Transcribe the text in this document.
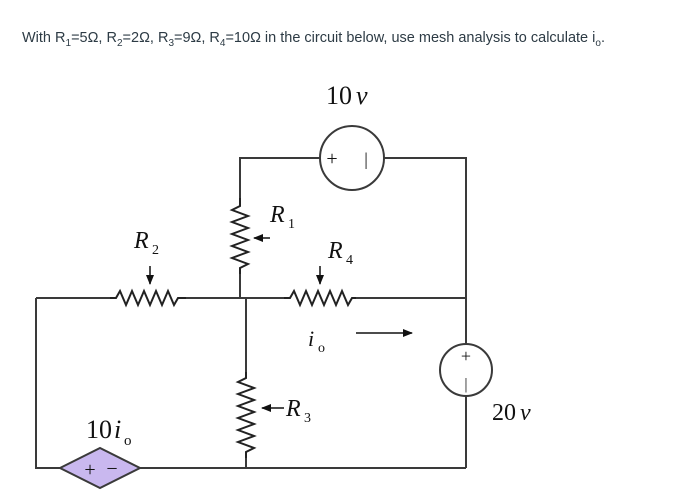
With $R_1=5\Omega$, $R_2=2\Omega$, $R_3=9\Omega$, $R_4=10\Omega$ in the circuit below, use mesh analysis to calculate $i_o$.
R 1
R 2	R 4
R 3
i o
+ |
10 v
+
|
20 v
+ −
10 i o
